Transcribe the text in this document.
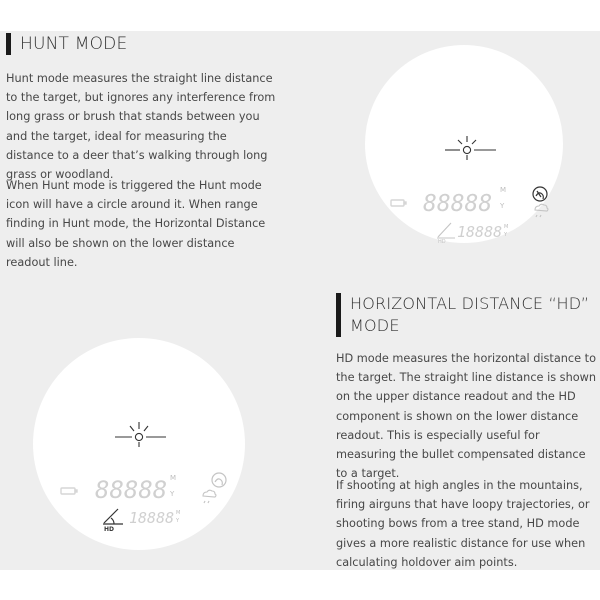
HUNT MODE

Hunt mode measures the straight line distance to the target, but ignores any interference from long grass or brush that stands between you and the target, ideal for measuring the distance to a deer that’s walking through long grass or woodland.

When Hunt mode is triggered the Hunt mode icon will have a circle around it. When range finding in Hunt mode, the Horizontal Distance will also be shown on the lower distance readout line.

88888
M
Y
HD
18888 M
Y
HORIZONTAL DISTANCE “HD”
MODE

HD mode measures the horizontal distance to the target. The straight line distance is shown on the upper distance readout and the HD component is shown on the lower distance readout. This is especially useful for measuring the bullet compensated distance to a target.

If shooting at high angles in the mountains, firing airguns that have loopy trajectories, or shooting bows from a tree stand, HD mode gives a more realistic distance for use when calculating holdover aim points.

88888 M
Y
HD
18888 M
Y
